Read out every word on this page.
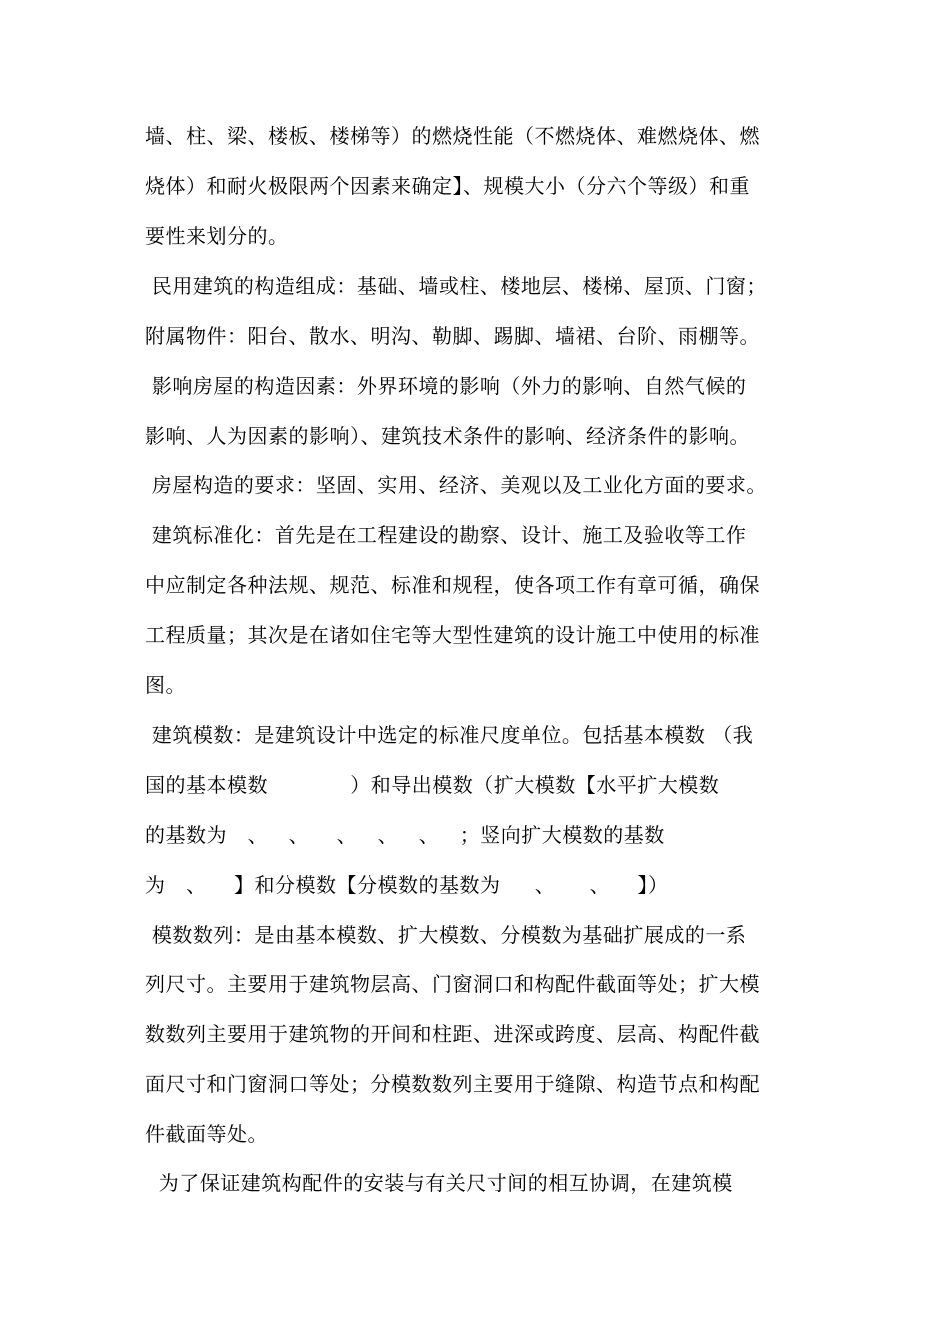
墙、柱、梁、楼板、楼梯等）的燃烧性能（不燃烧体、难燃烧体、燃
烧体）和耐火极限两个因素来确定】、规模大小（分六个等级）和重
要性来划分的。
民用建筑的构造组成：基础、墙或柱、楼地层、楼梯、屋顶、门窗；
附属物件：阳台、散水、明沟、勒脚、踢脚、墙裙、台阶、雨棚等。
影响房屋的构造因素：外界环境的影响（外力的影响、自然气候的
影响、人为因素的影响）、建筑技术条件的影响、经济条件的影响。
房屋构造的要求：坚固、实用、经济、美观以及工业化方面的要求。
建筑标准化：首先是在工程建设的勘察、设计、施工及验收等工作
中应制定各种法规、规范、标准和规程，使各项工作有章可循，确保
工程质量；其次是在诸如住宅等大型性建筑的设计施工中使用的标准
图。
建筑模数：是建筑设计中选定的标准尺度单位。包括基本模数 （我
国的基本模数            ）和导出模数（扩大模数【水平扩大模数
的基数为   、   、    、   、   、   ；竖向扩大模数的基数
为   、    】和分模数【分模数的基数为     、     、    】）
模数数列：是由基本模数、扩大模数、分模数为基础扩展成的一系
列尺寸。主要用于建筑物层高、门窗洞口和构配件截面等处；扩大模
数数列主要用于建筑物的开间和柱距、进深或跨度、层高、构配件截
面尺寸和门窗洞口等处；分模数数列主要用于缝隙、构造节点和构配
件截面等处。
为了保证建筑构配件的安装与有关尺寸间的相互协调，在建筑模
